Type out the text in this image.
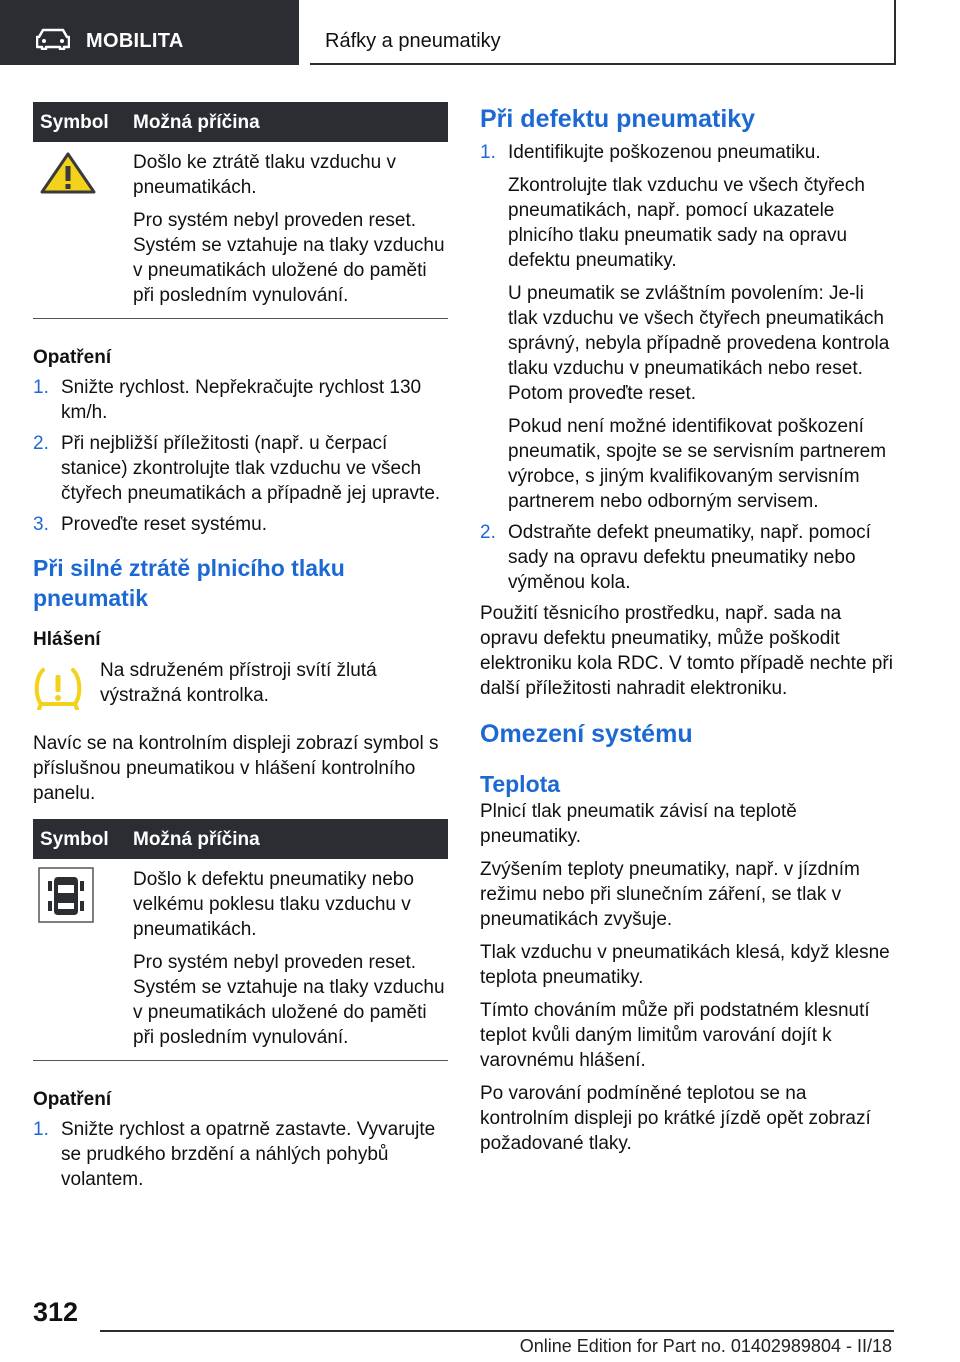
MOBILITA	Ráfky a pneumatiky
Symbol	Možná příčina

Došlo ke ztrátě tlaku vzduchu v pneumatikách.

Pro systém nebyl proveden reset. Systém se vztahuje na tlaky vzduchu v pneumatikách uložené do paměti při posledním vynulování.

Opatření

1. Snižte rychlost. Nepřekračujte rychlost 130 km/h.
2. Při nejbližší příležitosti (např. u čerpací stanice) zkontrolujte tlak vzduchu ve všech čtyřech pneumatikách a případně jej upravte.
3. Proveďte reset systému.
Při silné ztrátě plnicího tlaku pneumatik

Hlášení

Na sdruženém přístroji svítí žlutá výstražná kontrolka.

Navíc se na kontrolním displeji zobrazí symbol s příslušnou pneumatikou v hlášení kontrolního panelu.

Symbol	Možná příčina

Došlo k defektu pneumatiky nebo velkému poklesu tlaku vzduchu v pneumatikách.

Pro systém nebyl proveden reset. Systém se vztahuje na tlaky vzduchu v pneumatikách uložené do paměti při posledním vynulování.

Opatření

1. Snižte rychlost a opatrně zastavte. Vyvarujte se prudkého brzdění a náhlých pohybů volantem.
Při defektu pneumatiky
1. Identifikujte poškozenou pneumatiku.

Zkontrolujte tlak vzduchu ve všech čtyřech pneumatikách, např. pomocí ukazatele plnicího tlaku pneumatik sady na opravu defektu pneumatiky.

U pneumatik se zvláštním povolením: Je-li tlak vzduchu ve všech čtyřech pneumatikách správný, nebyla případně provedena kontrola tlaku vzduchu v pneumatikách nebo reset. Potom proveďte reset.

Pokud není možné identifikovat poškození pneumatik, spojte se se servisním partnerem výrobce, s jiným kvalifikovaným servisním partnerem nebo odborným servisem.

2. Odstraňte defekt pneumatiky, např. pomocí sady na opravu defektu pneumatiky nebo výměnou kola.

Použití těsnicího prostředku, např. sada na opravu defektu pneumatiky, může poškodit elektroniku kola RDC. V tomto případě nechte při další příležitosti nahradit elektroniku.

Omezení systému
Teplota

Plnicí tlak pneumatik závisí na teplotě pneumatiky.

Zvýšením teploty pneumatiky, např. v jízdním režimu nebo při slunečním záření, se tlak v pneumatikách zvyšuje.

Tlak vzduchu v pneumatikách klesá, když klesne teplota pneumatiky.

Tímto chováním může při podstatném klesnutí teplot kvůli daným limitům varování dojít k varovnému hlášení.

Po varování podmíněné teplotou se na kontrolním displeji po krátké jízdě opět zobrazí požadované tlaky.

312
Online Edition for Part no. 01402989804 - II/18
